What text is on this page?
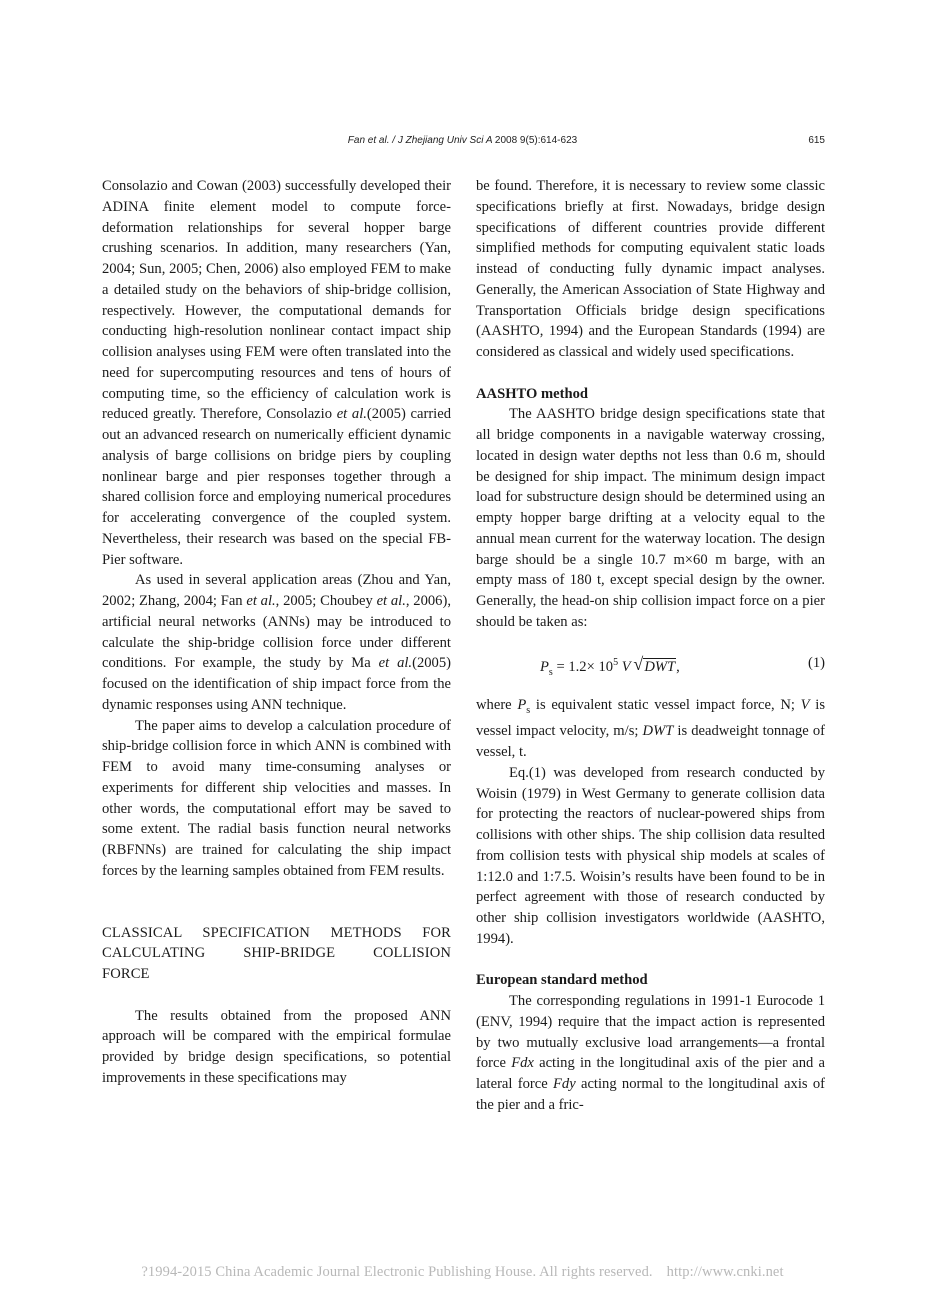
Fan et al. / J Zhejiang Univ Sci A 2008 9(5):614-623	615

Consolazio and Cowan (2003) successfully developed their ADINA finite element model to compute force-deformation relationships for several hopper barge crushing scenarios. In addition, many researchers (Yan, 2004; Sun, 2005; Chen, 2006) also employed FEM to make a detailed study on the behaviors of ship-bridge collision, respectively. However, the computational demands for conducting high-resolution nonlinear contact impact ship collision analyses using FEM were often translated into the need for supercomputing resources and tens of hours of computing time, so the efficiency of calculation work is reduced greatly. Therefore, Consolazio et al.(2005) carried out an advanced research on numerically efficient dynamic analysis of barge collisions on bridge piers by coupling nonlinear barge and pier responses together through a shared collision force and employing numerical procedures for accelerating convergence of the coupled system. Nevertheless, their research was based on the special FB-Pier software.

As used in several application areas (Zhou and Yan, 2002; Zhang, 2004; Fan et al., 2005; Choubey et al., 2006), artificial neural networks (ANNs) may be introduced to calculate the ship-bridge collision force under different conditions. For example, the study by Ma et al.(2005) focused on the identification of ship impact force from the dynamic responses using ANN technique.

The paper aims to develop a calculation procedure of ship-bridge collision force in which ANN is combined with FEM to avoid many time-consuming analyses or experiments for different ship velocities and masses. In other words, the computational effort may be saved to some extent. The radial basis function neural networks (RBFNNs) are trained for calculating the ship impact forces by the learning samples obtained from FEM results.

CLASSICAL SPECIFICATION METHODS FOR

CALCULATING SHIP-BRIDGE COLLISION

FORCE

The results obtained from the proposed ANN approach will be compared with the empirical formulae provided by bridge design specifications, so potential improvements in these specifications may

be found. Therefore, it is necessary to review some classic specifications briefly at first. Nowadays, bridge design specifications of different countries provide different simplified methods for computing equivalent static loads instead of conducting fully dynamic impact analyses. Generally, the American Association of State Highway and Transportation Officials bridge design specifications (AASHTO, 1994) and the European Standards (1994) are considered as classical and widely used specifications.

AASHTO method

The AASHTO bridge design specifications state that all bridge components in a navigable waterway crossing, located in design water depths not less than 0.6 m, should be designed for ship impact. The minimum design impact load for substructure design should be determined using an empty hopper barge drifting at a velocity equal to the annual mean current for the waterway location. The design barge should be a single 10.7 m×60 m barge, with an empty mass of 180 t, except special design by the owner. Generally, the head-on ship collision impact force on a pier should be taken as:

$P_s = 1.2\times 10^5$ V √ DWT,	(1)

where $P_s$ is equivalent static vessel impact force, N; V is vessel impact velocity, m/s; DWT is deadweight tonnage of vessel, t.

Eq.(1) was developed from research conducted by Woisin (1979) in West Germany to generate collision data for protecting the reactors of nuclear-powered ships from collisions with other ships. The ship collision data resulted from collision tests with physical ship models at scales of 1:12.0 and 1:7.5. Woisin’s results have been found to be in perfect agreement with those of research conducted by other ship collision investigators worldwide (AASHTO, 1994).

European standard method

The corresponding regulations in 1991-1 Eurocode 1 (ENV, 1994) require that the impact action is represented by two mutually exclusive load arrangements—a frontal force Fdx acting in the longitudinal axis of the pier and a lateral force Fdy acting normal to the longitudinal axis of the pier and a fric-

?1994-2015 China Academic Journal Electronic Publishing House. All rights reserved. http://www.cnki.net
